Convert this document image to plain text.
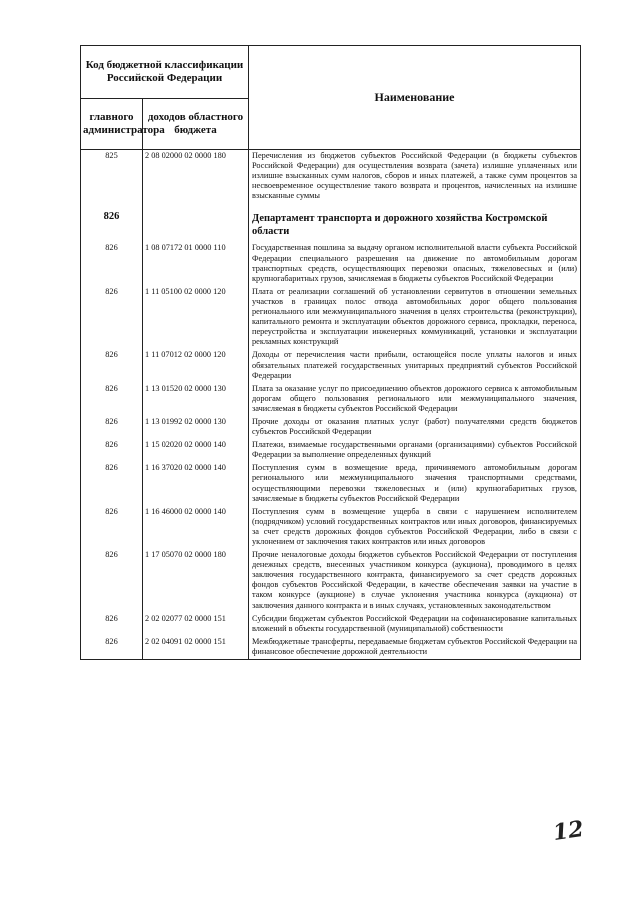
Код бюджетной классификации Российской Федерации		Наименование
главного администратора	доходов областного бюджета	
825	2 08 02000 02 0000 180	Перечисления из бюджетов субъектов Российской Федерации (в бюджеты субъектов Российской Федерации) для осуществления возврата (зачета) излишне уплаченных или излишне взысканных сумм налогов, сборов и иных платежей, а также сумм процентов за несвоевременное осуществление такого возврата и процентов, начисленных на излишне взысканные суммы
826		Департамент транспорта и дорожного хозяйства Костромской области
826	1 08 07172 01 0000 110	Государственная пошлина за выдачу органом исполнительной власти субъекта Российской Федерации специального разрешения на движение по автомобильным дорогам транспортных средств, осуществляющих перевозки опасных, тяжеловесных и (или) крупногабаритных грузов, зачисляемая в бюджеты субъектов Российской Федерации
826	1 11 05100 02 0000 120	Плата от реализации соглашений об установлении сервитутов в отношении земельных участков в границах полос отвода автомобильных дорог общего пользования регионального или межмуниципального значения в целях строительства (реконструкции), капитального ремонта и эксплуатации объектов дорожного сервиса, прокладки, переноса, переустройства и эксплуатации инженерных коммуникаций, установки и эксплуатации рекламных конструкций
826	1 11 07012 02 0000 120	Доходы от перечисления части прибыли, остающейся после уплаты налогов и иных обязательных платежей государственных унитарных предприятий субъектов Российской Федерации
826	1 13 01520 02 0000 130	Плата за оказание услуг по присоединению объектов дорожного сервиса к автомобильным дорогам общего пользования регионального или межмуниципального значения, зачисляемая в бюджеты субъектов Российской Федерации
826	1 13 01992 02 0000 130	Прочие доходы от оказания платных услуг (работ) получателями средств бюджетов субъектов Российской Федерации
826	1 15 02020 02 0000 140	Платежи, взимаемые государственными органами (организациями) субъектов Российской Федерации за выполнение определенных функций
826	1 16 37020 02 0000 140	Поступления сумм в возмещение вреда, причиняемого автомобильным дорогам регионального или межмуниципального значения транспортными средствами, осуществляющими перевозки тяжеловесных и (или) крупногабаритных грузов, зачисляемые в бюджеты субъектов Российской Федерации
826	1 16 46000 02 0000 140	Поступления сумм в возмещение ущерба в связи с нарушением исполнителем (подрядчиком) условий государственных контрактов или иных договоров, финансируемых за счет средств дорожных фондов субъектов Российской Федерации, либо в связи с уклонением от заключения таких контрактов или иных договоров
826	1 17 05070 02 0000 180	Прочие неналоговые доходы бюджетов субъектов Российской Федерации от поступления денежных средств, внесенных участником конкурса (аукциона), проводимого в целях заключения государственного контракта, финансируемого за счет средств дорожных фондов субъектов Российской Федерации, в качестве обеспечения заявки на участие в таком конкурсе (аукционе) в случае уклонения участника конкурса (аукциона) от заключения данного контракта и в иных случаях, установленных законодательством
826	2 02 02077 02 0000 151	Субсидии бюджетам субъектов Российской Федерации на софинансирование капитальных вложений в объекты государственной (муниципальной) собственности
826	2 02 04091 02 0000 151	Межбюджетные трансферты, передаваемые бюджетам субъектов Российской Федерации на финансовое обеспечение дорожной деятельности
12
